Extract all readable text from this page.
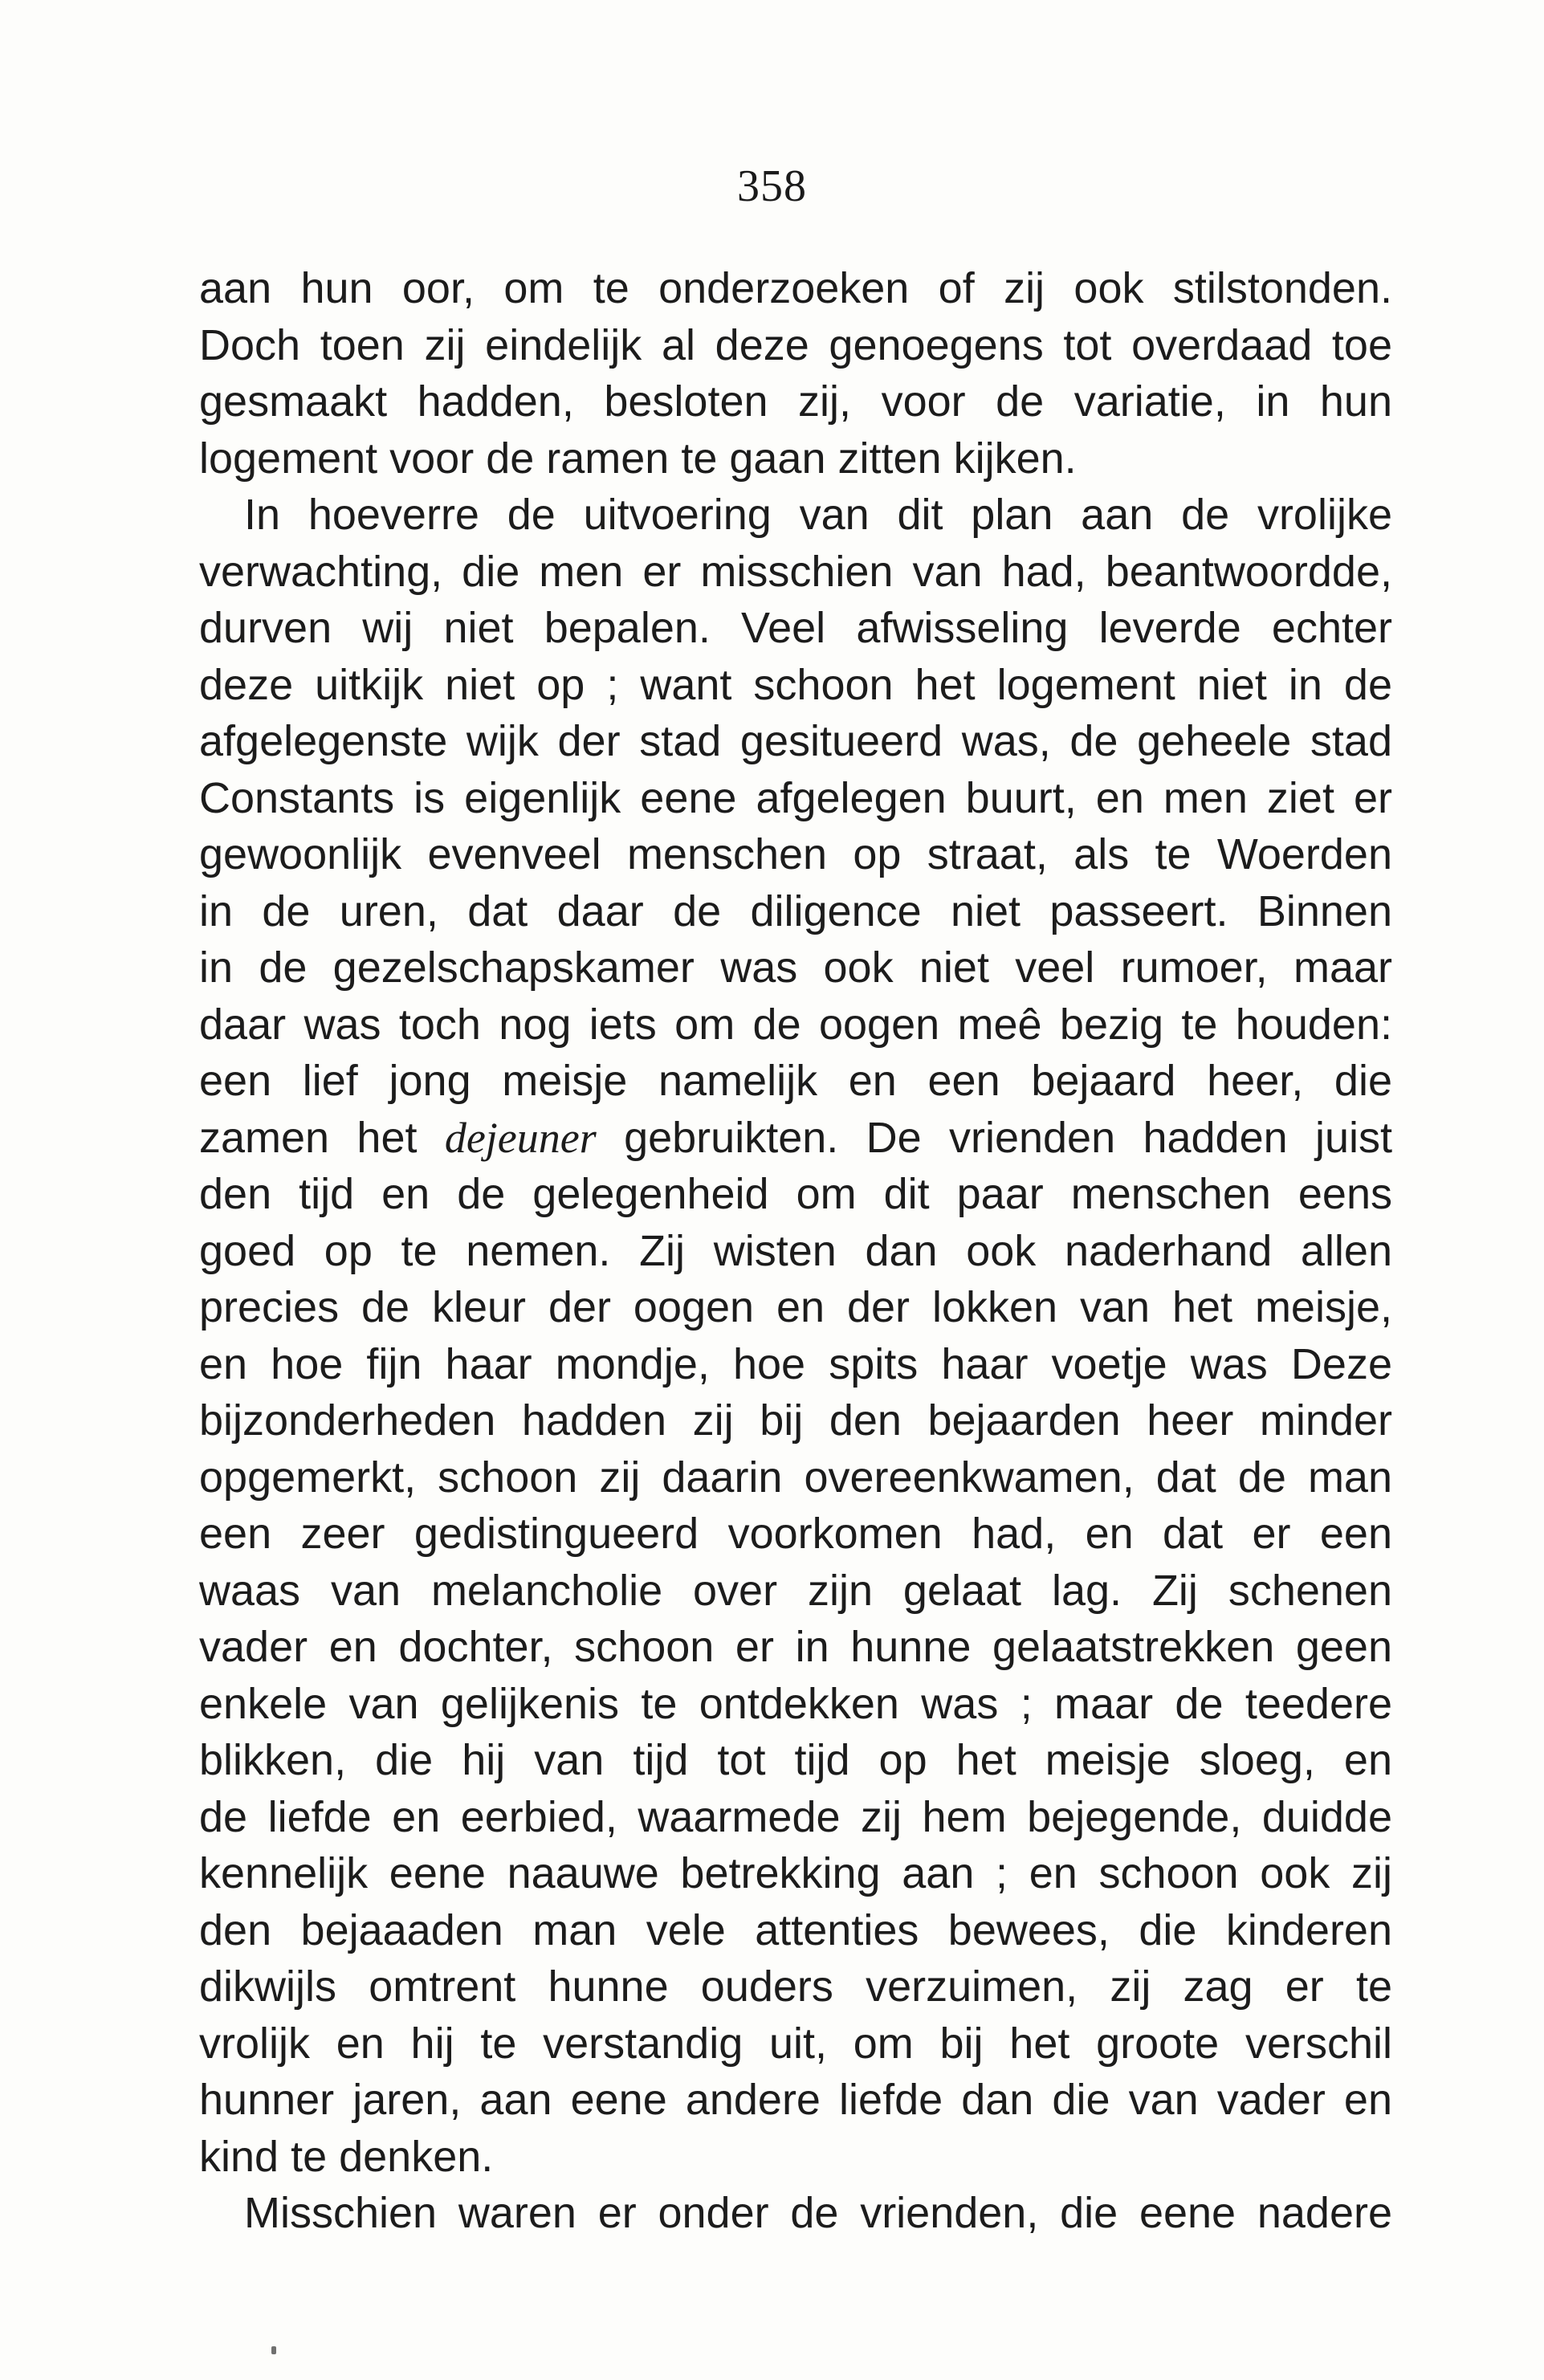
358
aan hun oor, om te onderzoeken of zij ook stilstonden.
Doch toen zij eindelijk al deze genoegens tot overdaad toe
gesmaakt hadden, besloten zij, voor de variatie, in hun
logement voor de ramen te gaan zitten kijken.
In hoeverre de uitvoering van dit plan aan de vrolijke
verwachting, die men er misschien van had, beantwoordde,
durven wij niet bepalen. Veel afwisseling leverde echter
deze uitkijk niet op ; want schoon het logement niet in de
afgelegenste wijk der stad gesitueerd was, de geheele stad
Constants is eigenlijk eene afgelegen buurt, en men ziet er
gewoonlijk evenveel menschen op straat, als te Woerden
in de uren, dat daar de diligence niet passeert. Binnen
in de gezelschapskamer was ook niet veel rumoer, maar
daar was toch nog iets om de oogen meê bezig te houden:
een lief jong meisje namelijk en een bejaard heer, die
zamen het dejeuner gebruikten. De vrienden hadden juist
den tijd en de gelegenheid om dit paar menschen eens
goed op te nemen. Zij wisten dan ook naderhand allen
precies de kleur der oogen en der lokken van het meisje,
en hoe fijn haar mondje, hoe spits haar voetje was Deze
bijzonderheden hadden zij bij den bejaarden heer minder
opgemerkt, schoon zij daarin overeenkwamen, dat de man
een zeer gedistingueerd voorkomen had, en dat er een
waas van melancholie over zijn gelaat lag. Zij schenen
vader en dochter, schoon er in hunne gelaatstrekken geen
enkele van gelijkenis te ontdekken was ; maar de teedere
blikken, die hij van tijd tot tijd op het meisje sloeg, en
de liefde en eerbied, waarmede zij hem bejegende, duidde
kennelijk eene naauwe betrekking aan ; en schoon ook zij
den bejaaaden man vele attenties bewees, die kinderen
dikwijls omtrent hunne ouders verzuimen, zij zag er te
vrolijk en hij te verstandig uit, om bij het groote verschil
hunner jaren, aan eene andere liefde dan die van vader en
kind te denken.
Misschien waren er onder de vrienden, die eene nadere
